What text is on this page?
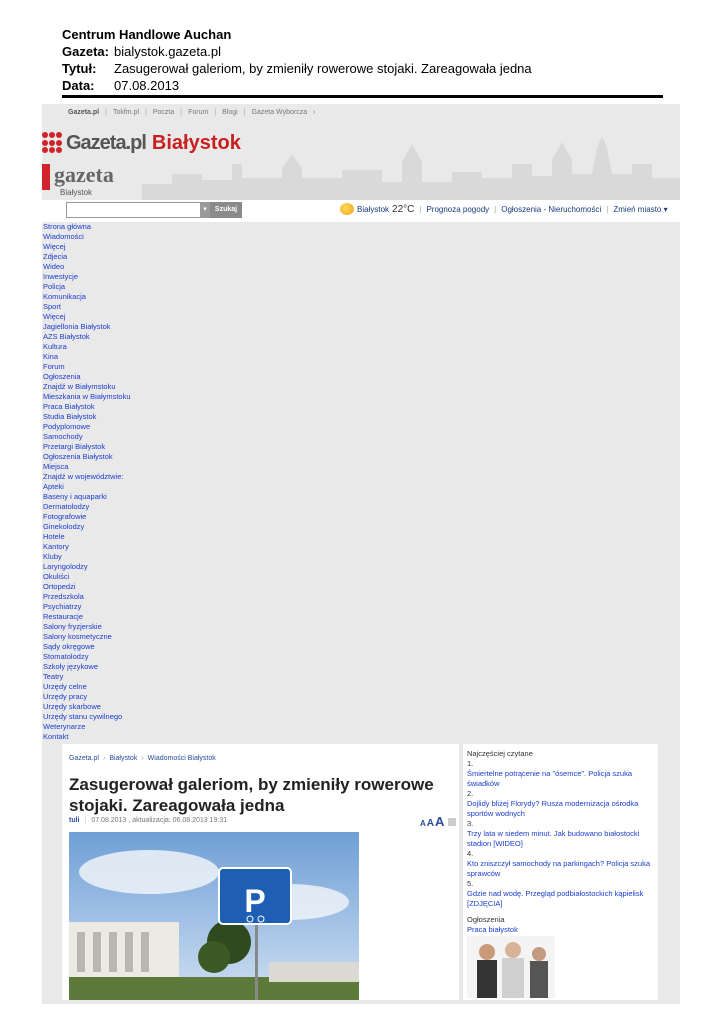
Centrum Handlowe Auchan
Gazeta: bialystok.gazeta.pl
Tytuł:	Zasugerował galeriom, by zmieniły rowerowe stojaki. Zareagowała jedna
Data:	07.08.2013
Gazeta.pl | Tokfm.pl | Poczta | Forum | Blogi | Gazeta Wyborcza ›
Gazeta.pl Białystok
gazeta
Białystok
▾	Szukaj	Białystok 22°C | Prognoza pogody | Ogłoszenia - Nieruchomości | Zmień miasto ▾
Strona główna
Wiadomości
Więcej
Zdjecia
Wideo
Inwestycje
Policja
Komunikacja
Sport
Więcej
Jagiellonia Białystok
AZS Białystok
Kultura
Kina
Forum
Ogłoszenia
Znajdź w Białymstoku
Mieszkania w Białymstoku
Praca Białystok
Studia Białystok
Podyplomowe
Samochody
Przetargi Białystok
Ogłoszenia Białystok
Miejsca
Znajdź w województwie:
Apteki
Baseny i aquaparki
Dermatolodzy
Fotografowie
Ginekolodzy
Hotele
Kantory
Kluby
Laryngolodzy
Okuliści
Ortopedzi
Przedszkola
Psychiatrzy
Restauracje
Salony fryzjerskie
Salony kosmetyczne
Sądy okręgowe
Stomatolodzy
Szkoły językowe
Teatry
Urzędy celne
Urzędy pracy
Urzędy skarbowe
Urzędy stanu cywilnego
Weterynarze
Kontakt
Gazeta.pl › Białystok › Wiadomości Białystok
Zasugerował galeriom, by zmieniły rowerowe stojaki. Zareagowała jedna
tuli | 07.08.2013 , aktualizacja: 06.08.2013 19:31	A A A
P
Najczęściej czytane
1.
Śmiertelne potrącenie na "ósemce". Policja szuka świadków
2.
Dojlidy bliżej Florydy? Rusza modernizacja ośrodka sportów wodnych
3.
Trzy lata w siedem minut. Jak budowano białostocki stadion [WIDEO]
4.
Kto zniszczył samochody na parkingach? Policja szuka sprawców
5.
Gdzie nad wodę. Przegląd podbiałostockich kąpielisk [ZDJĘCIA]
Ogłoszenia
Praca białystok
